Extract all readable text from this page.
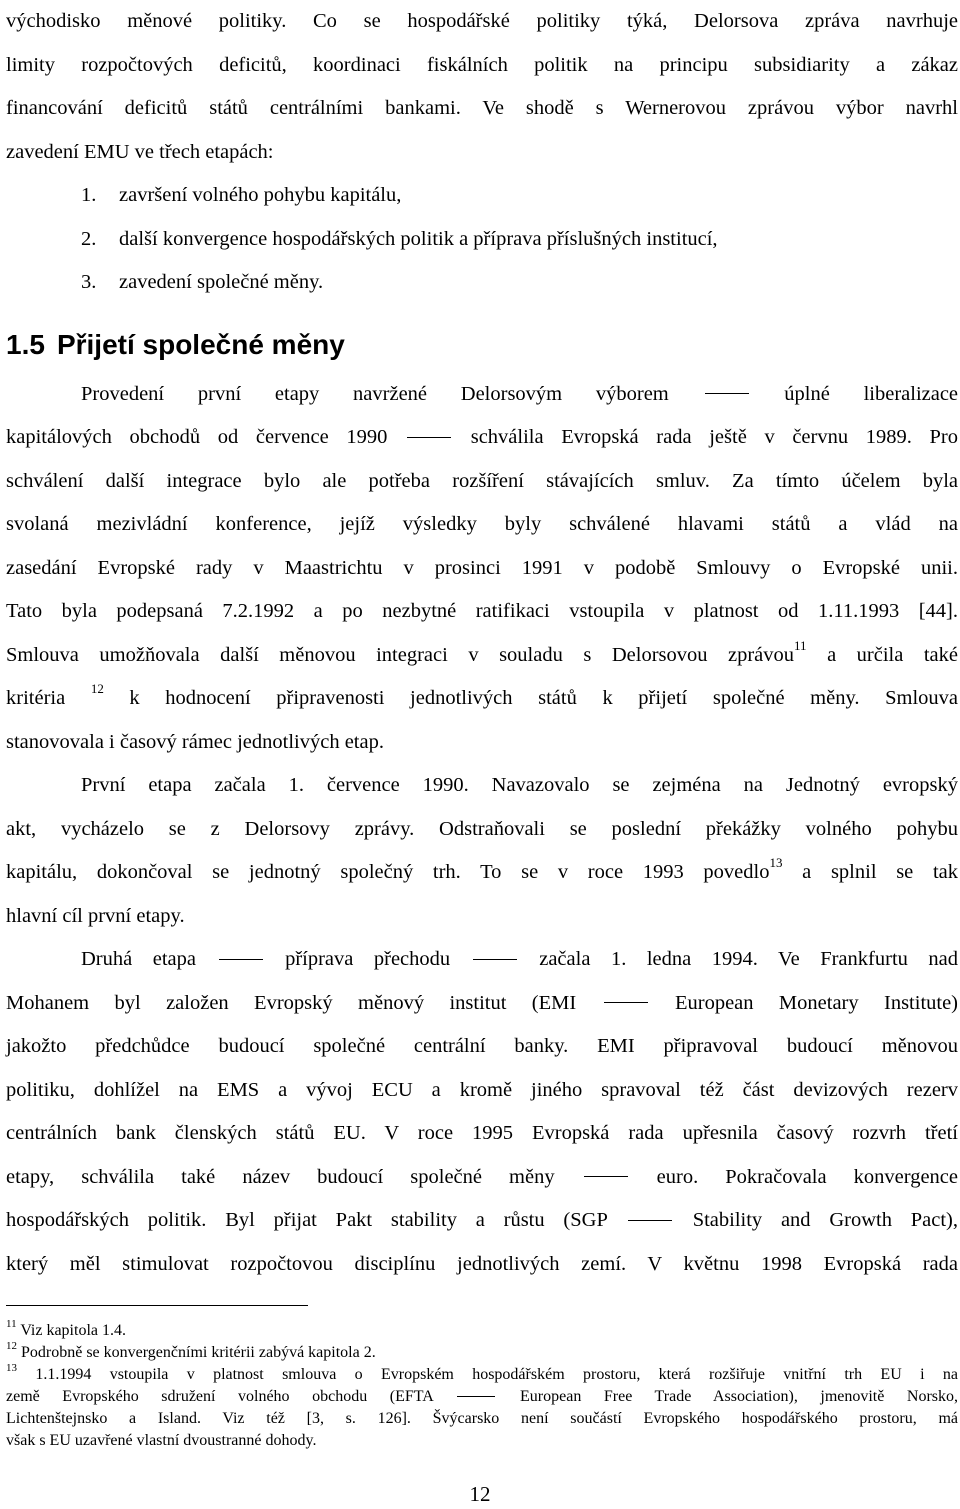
východisko měnové politiky. Co se hospodářské politiky týká, Delorsova zpráva navrhuje
limity rozpočtových deficitů, koordinaci fiskálních politik na principu subsidiarity a zákaz
financování deficitů států centrálními bankami. Ve shodě s Wernerovou zprávou výbor navrhl
zavedení EMU ve třech etapách:
1. završení volného pohybu kapitálu,
2. další konvergence hospodářských politik a příprava příslušných institucí,
3. zavedení společné měny.
1.5 Přijetí společné měny
Provedení první etapy navržené Delorsovým výborem	úplné liberalizace
kapitálových obchodů od července 1990	schválila Evropská rada ještě v červnu 1989. Pro
schválení další integrace bylo ale potřeba rozšíření stávajících smluv. Za tímto účelem byla
svolaná mezivládní konference, jejíž výsledky byly schválené hlavami států a vlád na
zasedání Evropské rady v Maastrichtu v prosinci 1991 v podobě Smlouvy o Evropské unii.
Tato byla podepsaná 7.2.1992 a po nezbytné ratifikaci vstoupila v platnost od 1.11.1993 [44].
Smlouva umožňovala další měnovou integraci v souladu s Delorsovou zprávou$^{11}$ a určila také
kritéria $^{12}$ k hodnocení připravenosti jednotlivých států k přijetí společné měny. Smlouva
stanovovala i časový rámec jednotlivých etap.
První etapa začala 1. července 1990. Navazovalo se zejména na Jednotný evropský
akt, vycházelo se z Delorsovy zprávy. Odstraňovali se poslední překážky volného pohybu
kapitálu, dokončoval se jednotný společný trh. To se v roce 1993 povedlo$^{13}$ a splnil se tak
hlavní cíl první etapy.
Druhá etapa	příprava přechodu	začala 1. ledna 1994. Ve Frankfurtu nad
Mohanem byl založen Evropský měnový institut (EMI	European Monetary Institute)
jakožto předchůdce budoucí společné centrální banky. EMI připravoval budoucí měnovou
politiku, dohlížel na EMS a vývoj ECU a kromě jiného spravoval též část devizových rezerv
centrálních bank členských států EU. V roce 1995 Evropská rada upřesnila časový rozvrh třetí
etapy, schválila také název budoucí společné měny	euro. Pokračovala konvergence
hospodářských politik. Byl přijat Pakt stability a růstu (SGP	Stability and Growth Pact),
který měl stimulovat rozpočtovou disciplínu jednotlivých zemí. V květnu 1998 Evropská rada
$^{11}$ Viz kapitola 1.4.
$^{12}$ Podrobně se konvergenčními kritérii zabývá kapitola 2.
$^{13}$ 1.1.1994 vstoupila v platnost smlouva o Evropském hospodářském prostoru, která rozšiřuje vnitřní trh EU i na
země Evropského sdružení volného obchodu (EFTA	European Free Trade Association), jmenovitě Norsko,
Lichtenštejnsko a Island. Viz též [3, s. 126]. Švýcarsko není součástí Evropského hospodářského prostoru, má
však s EU uzavřené vlastní dvoustranné dohody.
12
